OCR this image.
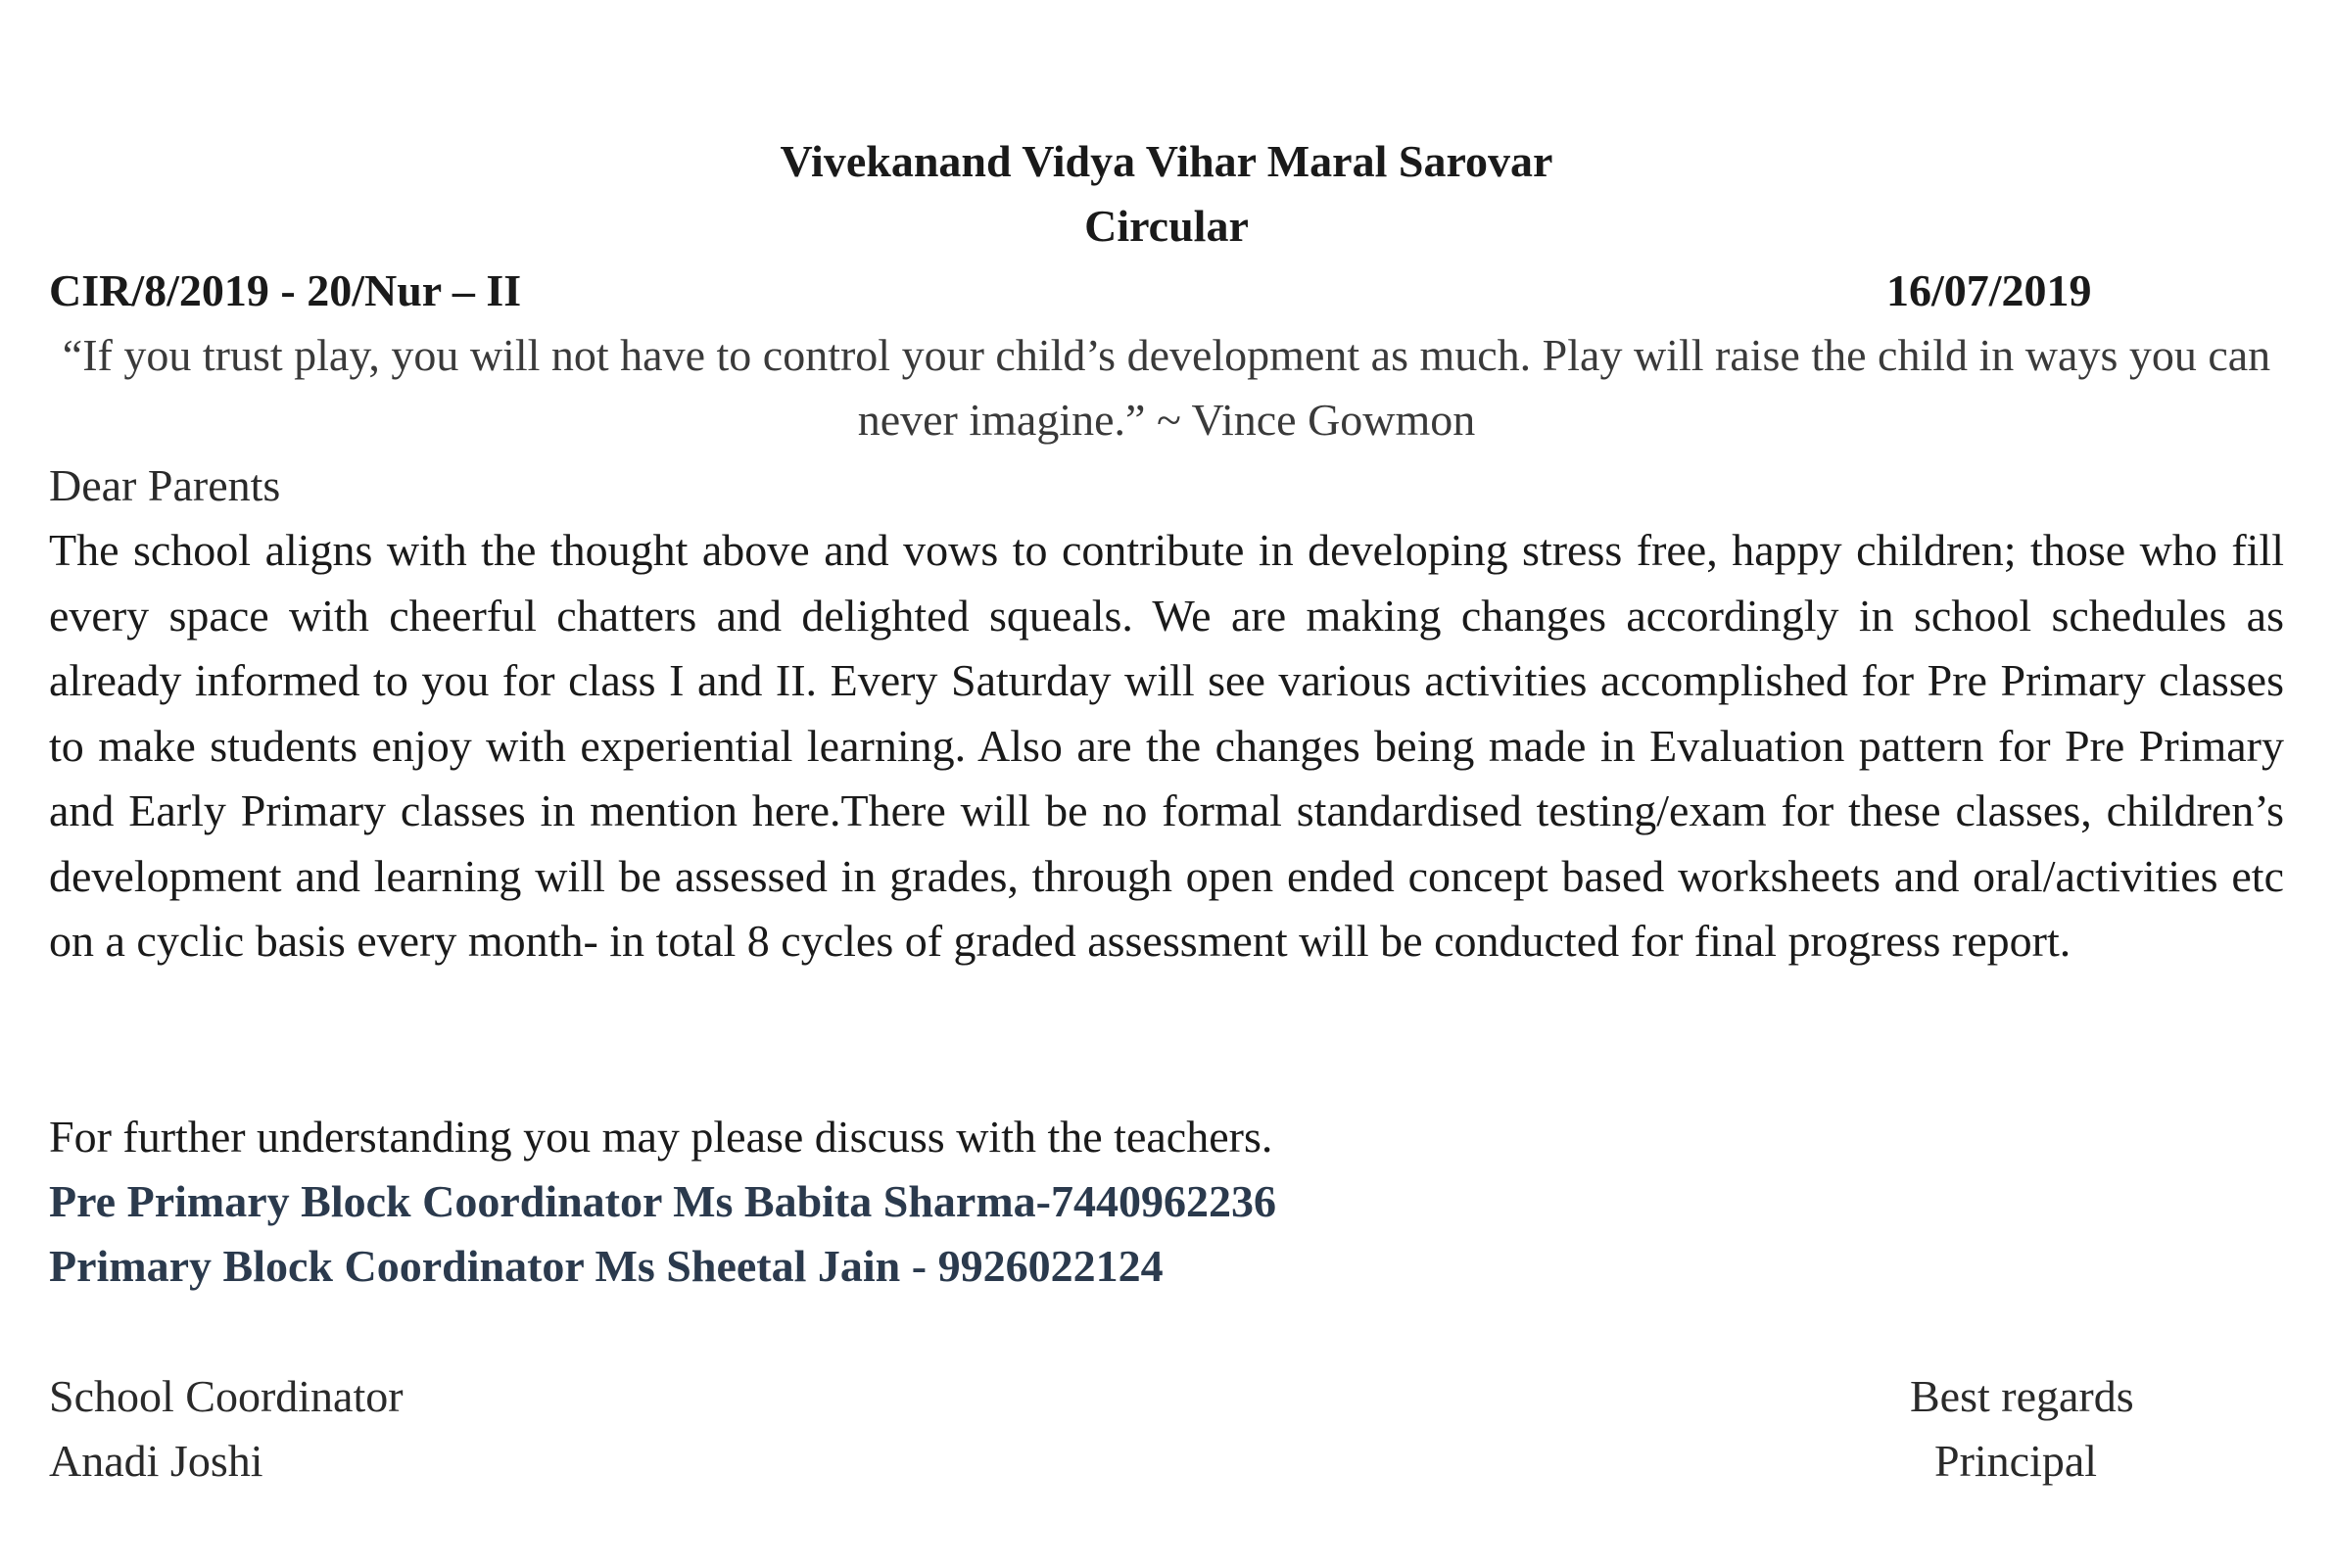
Vivekanand Vidya Vihar Maral Sarovar
Circular
CIR/8/2019 - 20/Nur – II	16/07/2019
“If you trust play, you will not have to control your child’s development as much. Play will raise the child in ways you can never imagine.” ~ Vince Gowmon
Dear Parents
The school aligns with the thought above and vows to contribute in developing stress free, happy children; those who fill every space with cheerful chatters and delighted squeals. We are making changes accordingly in school schedules as already informed to you for class I and II. Every Saturday will see various activities accomplished for Pre Primary classes to make students enjoy with experiential learning. Also are the changes being made in Evaluation pattern for Pre Primary and Early Primary classes in mention here.There will be no formal standardised testing/exam for these classes, children’s development and learning will be assessed in grades, through open ended concept based worksheets and oral/activities etc on a cyclic basis every month- in total 8 cycles of graded assessment will be conducted for final progress report.
For further understanding you may please discuss with the teachers.
Pre Primary Block Coordinator Ms Babita Sharma-7440962236
Primary Block Coordinator Ms Sheetal Jain - 9926022124
School Coordinator
Anadi Joshi
Best regards
Principal
